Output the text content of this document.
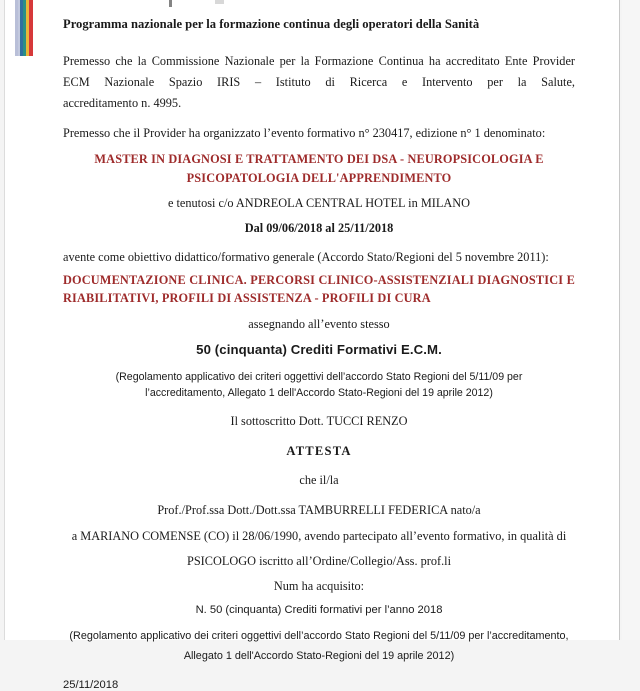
Programma nazionale per la formazione continua degli operatori della Sanità

Premesso che la Commissione Nazionale per la Formazione Continua ha accreditato Ente Provider ECM Nazionale Spazio IRIS – Istituto di Ricerca e Intervento per la Salute,

accreditamento n. 4995.

Premesso che il Provider ha organizzato l’evento formativo n° 230417, edizione n° 1 denominato:

MASTER IN DIAGNOSI E TRATTAMENTO DEI DSA - NEUROPSICOLOGIA E

PSICOPATOLOGIA DELL'APPRENDIMENTO

e tenutosi c/o ANDREOLA CENTRAL HOTEL in MILANO

Dal 09/06/2018 al 25/11/2018

avente come obiettivo didattico/formativo generale (Accordo Stato/Regioni del 5 novembre 2011):

DOCUMENTAZIONE CLINICA. PERCORSI CLINICO-ASSISTENZIALI DIAGNOSTICI E

RIABILITATIVI, PROFILI DI ASSISTENZA - PROFILI DI CURA

assegnando all’evento stesso

50 (cinquanta) Crediti Formativi E.C.M.

(Regolamento applicativo dei criteri oggettivi dell’accordo Stato Regioni del 5/11/09 per

l’accreditamento, Allegato 1 dell'Accordo Stato-Regioni del 19 aprile 2012)

Il sottoscritto Dott. TUCCI RENZO

ATTESTA

che il/la

Prof./Prof.ssa Dott./Dott.ssa TAMBURRELLI FEDERICA nato/a

a MARIANO COMENSE (CO) il 28/06/1990, avendo partecipato all’evento formativo, in qualità di

PSICOLOGO iscritto all’Ordine/Collegio/Ass. prof.li

Num ha acquisito:

N. 50 (cinquanta) Crediti formativi per l’anno 2018

(Regolamento applicativo dei criteri oggettivi dell’accordo Stato Regioni del 5/11/09 per l’accreditamento,

Allegato 1 dell'Accordo Stato-Regioni del 19 aprile 2012)

25/11/2018
